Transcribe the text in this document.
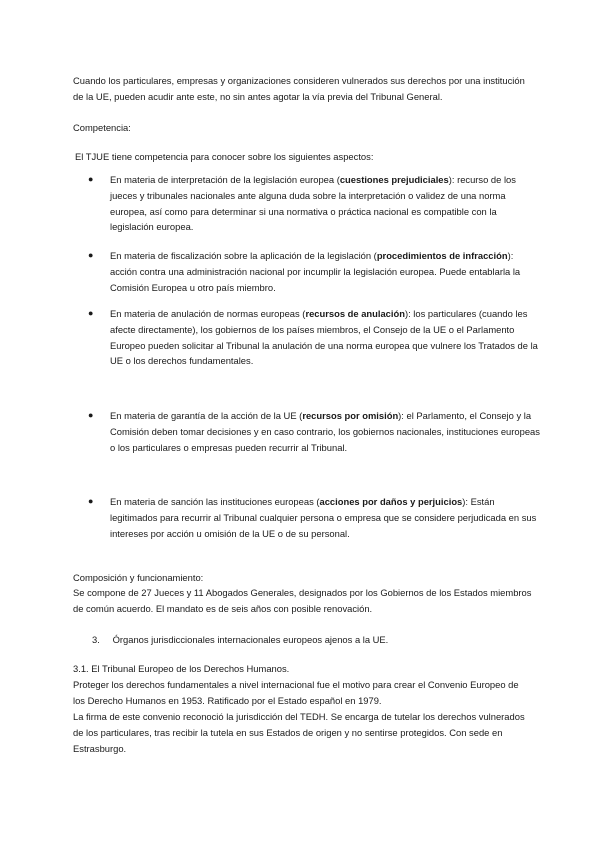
Cuando los particulares, empresas y organizaciones consideren vulnerados sus derechos por una institución de la UE, pueden acudir ante este, no sin antes agotar la vía previa del Tribunal General.

Competencia:

El TJUE tiene competencia para conocer sobre los siguientes aspectos:

●	En materia de interpretación de la legislación europea (cuestiones prejudiciales): recurso de los jueces y tribunales nacionales ante alguna duda sobre la interpretación o validez de una norma europea, así como para determinar si una normativa o práctica nacional es compatible con la legislación europea.

●	En materia de fiscalización sobre la aplicación de la legislación (procedimientos de infracción): acción contra una administración nacional por incumplir la legislación europea. Puede entablarla la Comisión Europea u otro país miembro.

●	En materia de anulación de normas europeas (recursos de anulación): los particulares (cuando les afecte directamente), los gobiernos de los países miembros, el Consejo de la UE o el Parlamento Europeo pueden solicitar al Tribunal la anulación de una norma europea que vulnere los Tratados de la UE o los derechos fundamentales.

●	En materia de garantía de la acción de la UE (recursos por omisión): el Parlamento, el Consejo y la Comisión deben tomar decisiones y en caso contrario, los gobiernos nacionales, instituciones europeas o los particulares o empresas pueden recurrir al Tribunal.

●	En materia de sanción las instituciones europeas (acciones por daños y perjuicios): Están legitimados para recurrir al Tribunal cualquier persona o empresa que se considere perjudicada en sus intereses por acción u omisión de la UE o de su personal.

Composición y funcionamiento:

Se compone de 27 Jueces y 11 Abogados Generales, designados por los Gobiernos de los Estados miembros de común acuerdo. El mandato es de seis años con posible renovación.

3. Órganos jurisdiccionales internacionales europeos ajenos a la UE.

3.1. El Tribunal Europeo de los Derechos Humanos.

Proteger los derechos fundamentales a nivel internacional fue el motivo para crear el Convenio Europeo de los Derecho Humanos en 1953. Ratificado por el Estado español en 1979.

La firma de este convenio reconoció la jurisdicción del TEDH. Se encarga de tutelar los derechos vulnerados de los particulares, tras recibir la tutela en sus Estados de origen y no sentirse protegidos. Con sede en Estrasburgo.
